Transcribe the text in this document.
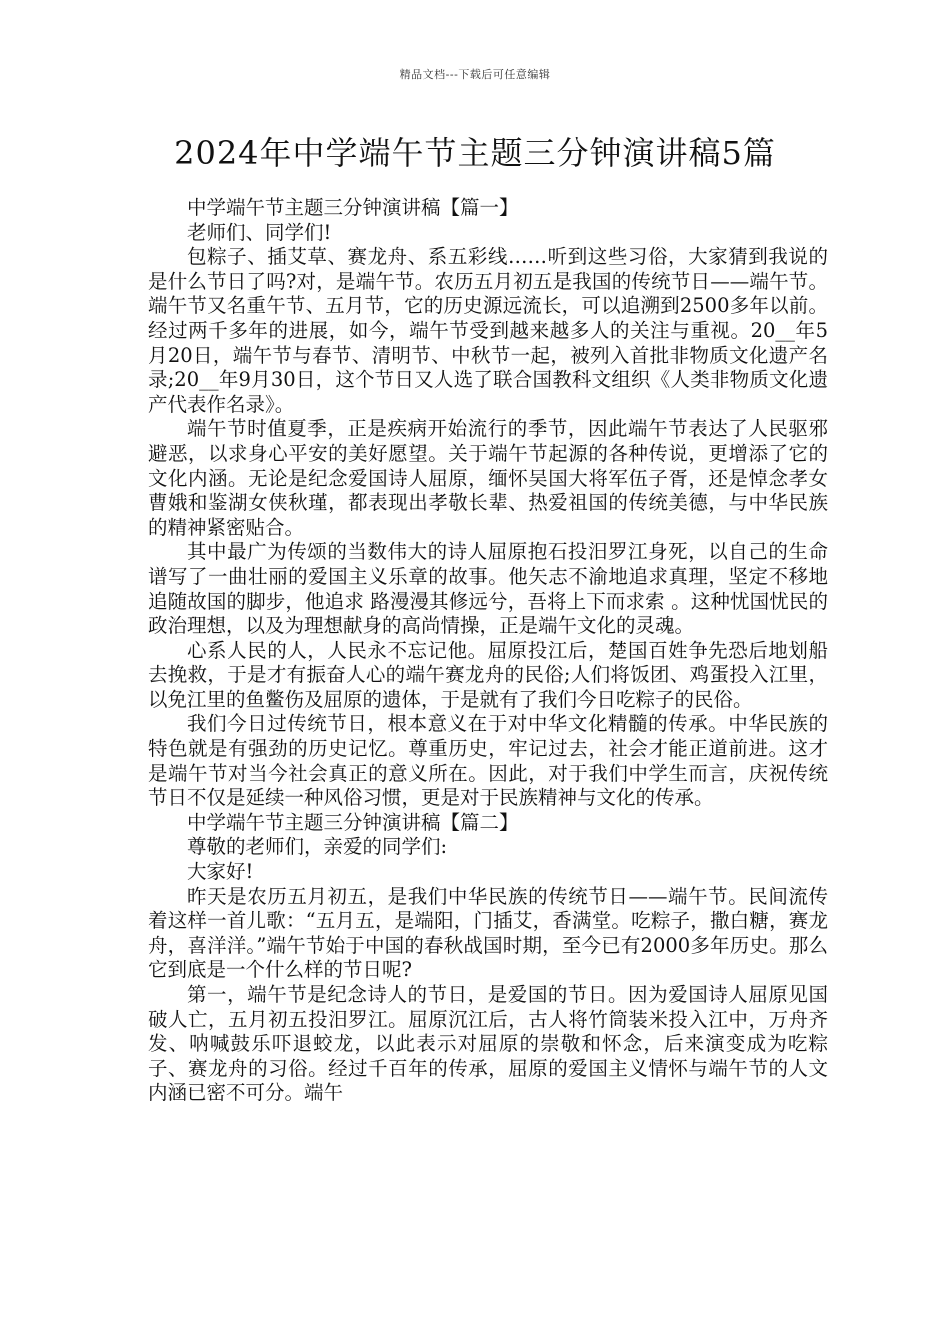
精品文档---下载后可任意编辑
2024年中学端午节主题三分钟演讲稿5篇

中学端午节主题三分钟演讲稿【篇一】

老师们、同学们!

包粽子、插艾草、赛龙舟、系五彩线……听到这些习俗，大家猜到我说的是什么节日了吗?对，是端午节。农历五月初五是我国的传统节日——端午节。端午节又名重午节、五月节，它的历史源远流长，可以追溯到2500多年以前。经过两千多年的进展，如今，端午节受到越来越多人的关注与重视。20__年5月20日，端午节与春节、清明节、中秋节一起，被列入首批非物质文化遗产名录;20__年9月30日，这个节日又人选了联合国教科文组织《人类非物质文化遗产代表作名录》。

端午节时值夏季，正是疾病开始流行的季节，因此端午节表达了人民驱邪避恶，以求身心平安的美好愿望。关于端午节起源的各种传说，更增添了它的文化内涵。无论是纪念爱国诗人屈原，缅怀吴国大将军伍子胥，还是悼念孝女曹娥和鉴湖女侠秋瑾，都表现出孝敬长辈、热爱祖国的传统美德，与中华民族的精神紧密贴合。

其中最广为传颂的当数伟大的诗人屈原抱石投汨罗江身死，以自己的生命谱写了一曲壮丽的爱国主义乐章的故事。他矢志不渝地追求真理，坚定不移地追随故国的脚步，他追求 路漫漫其修远兮，吾将上下而求索 。这种忧国忧民的政治理想，以及为理想献身的高尚情操，正是端午文化的灵魂。

心系人民的人，人民永不忘记他。屈原投江后，楚国百姓争先恐后地划船去挽救，于是才有振奋人心的端午赛龙舟的民俗;人们将饭团、鸡蛋投入江里，以免江里的鱼鳖伤及屈原的遗体，于是就有了我们今日吃粽子的民俗。

我们今日过传统节日，根本意义在于对中华文化精髓的传承。中华民族的特色就是有强劲的历史记忆。尊重历史，牢记过去，社会才能正道前进。这才是端午节对当今社会真正的意义所在。因此，对于我们中学生而言，庆祝传统节日不仅是延续一种风俗习惯，更是对于民族精神与文化的传承。

中学端午节主题三分钟演讲稿【篇二】

尊敬的老师们，亲爱的同学们:

大家好!

昨天是农历五月初五，是我们中华民族的传统节日——端午节。民间流传着这样一首儿歌：“五月五，是端阳，门插艾，香满堂。吃粽子，撒白糖，赛龙舟，喜洋洋。”端午节始于中国的春秋战国时期，至今已有2000多年历史。那么它到底是一个什么样的节日呢?

第一，端午节是纪念诗人的节日，是爱国的节日。因为爱国诗人屈原见国破人亡，五月初五投汨罗江。屈原沉江后，古人将竹筒装米投入江中，万舟齐发、呐喊鼓乐吓退蛟龙，以此表示对屈原的崇敬和怀念，后来演变成为吃粽子、赛龙舟的习俗。经过千百年的传承，屈原的爱国主义情怀与端午节的人文内涵已密不可分。端午
